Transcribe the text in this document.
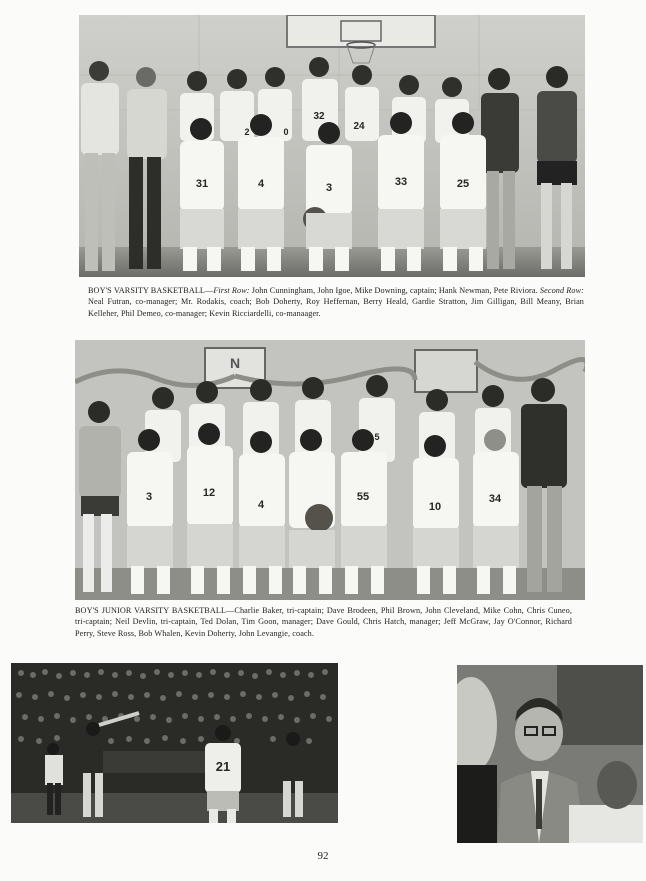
31	4	3	33	25
2	0
32
24
BOY'S VARSITY BASKETBALL—First Row: John Cunningham, John Igoe, Mike Downing, captain; Hank Newman, Pete Riviora. Second Row: Neal Futran, co-manager; Mr. Rodakis, coach; Bob Doherty, Roy Heffernan, Berry Heald, Gardie Stratton, Jim Gilligan, Bill Meany, Brian Kelleher, Phil Demeo, co-manager; Kevin Ricciardelli, co-manaager.
N
3	12
4
55
10
34
1	5
BOY'S JUNIOR VARSITY BASKETBALL—Charlie Baker, tri-captain; Dave Brodeen, Phil Brown, John Cleveland, Mike Cohn, Chris Cuneo, tri-captain; Neil Devlin, tri-captain, Ted Dolan, Tim Goon, manager; Dave Gould, Chris Hatch, manager; Jeff McGraw, Jay O'Connor, Richard Perry, Steve Ross, Bob Whalen, Kevin Doherty, John Levangie, coach.
21
92
